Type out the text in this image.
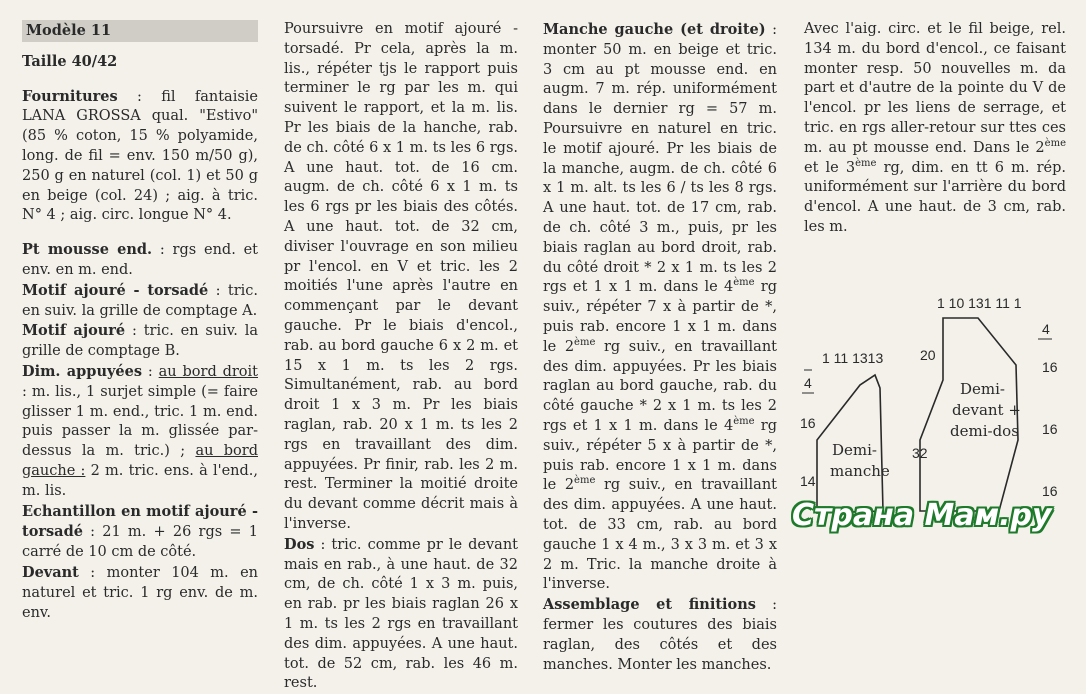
Modèle 11

Taille 40/42

Fournitures : fil fantaisie LANA GROSSA qual. "Estivo" (85 % coton, 15 % polyamide, long. de fil = env. 150 m/50 g), 250 g en naturel (col. 1) et 50 g en beige (col. 24) ; aig. à tric. N° 4 ; aig. circ. longue N° 4.

Pt mousse end. : rgs end. et env. en m. end.

Motif ajouré - torsadé : tric. en suiv. la grille de comptage A.

Motif ajouré : tric. en suiv. la grille de comptage B.

Dim. appuyées : au bord droit : m. lis., 1 surjet simple (= faire glisser 1 m. end., tric. 1 m. end. puis passer la m. glissée par-dessus la m. tric.) ; au bord gauche : 2 m. tric. ens. à l'end., m. lis.

Echantillon en motif ajouré - torsadé : 21 m. + 26 rgs = 1 carré de 10 cm de côté.

Devant : monter 104 m. en naturel et tric. 1 rg env. de m. env.

Poursuivre en motif ajouré - torsadé. Pr cela, après la m. lis., répéter tjs le rapport puis terminer le rg par les m. qui suivent le rapport, et la m. lis. Pr les biais de la hanche, rab. de ch. côté 6 x 1 m. ts les 6 rgs. A une haut. tot. de 16 cm. augm. de ch. côté 6 x 1 m. ts les 6 rgs pr les biais des côtés. A une haut. tot. de 32 cm, diviser l'ouvrage en son milieu pr l'encol. en V et tric. les 2 moitiés l'une après l'autre en commençant par le devant gauche. Pr le biais d'encol., rab. au bord gauche 6 x 2 m. et 15 x 1 m. ts les 2 rgs. Simultanément, rab. au bord droit 1 x 3 m. Pr les biais raglan, rab. 20 x 1 m. ts les 2 rgs en travaillant des dim. appuyées. Pr finir, rab. les 2 m. rest. Terminer la moitié droite du devant comme décrit mais à l'inverse.

Dos : tric. comme pr le devant mais en rab., à une haut. de 32 cm, de ch. côté 1 x 3 m. puis, en rab. pr les biais raglan 26 x 1 m. ts les 2 rgs en travaillant des dim. appuyées. A une haut. tot. de 52 cm, rab. les 46 m. rest.

Manche gauche (et droite) : monter 50 m. en beige et tric. 3 cm au pt mousse end. en augm. 7 m. rép. uniformément dans le dernier rg = 57 m. Poursuivre en naturel en tric. le motif ajouré. Pr les biais de la manche, augm. de ch. côté 6 x 1 m. alt. ts les 6 / ts les 8 rgs. A une haut. tot. de 17 cm, rab. de ch. côté 3 m., puis, pr les biais raglan au bord droit, rab. du côté droit * 2 x 1 m. ts les 2 rgs et 1 x 1 m. dans le 4ème rg suiv., répéter 7 x à partir de *, puis rab. encore 1 x 1 m. dans le 2ème rg suiv., en travaillant des dim. appuyées. Pr les biais raglan au bord gauche, rab. du côté gauche * 2 x 1 m. ts les 2 rgs et 1 x 1 m. dans le 4ème rg suiv., répéter 5 x à partir de *, puis rab. encore 1 x 1 m. dans le 2ème rg suiv., en travaillant des dim. appuyées. A une haut. tot. de 33 cm, rab. au bord gauche 1 x 4 m., 3 x 3 m. et 3 x 2 m. Tric. la manche droite à l'inverse.

Assemblage et finitions : fermer les coutures des biais raglan, des côtés et des manches. Monter les manches.

Avec l'aig. circ. et le fil beige, rel. 134 m. du bord d'encol., ce faisant monter resp. 50 nouvelles m. da part et d'autre de la pointe du V de l'encol. pr les liens de serrage, et tric. en rgs aller-retour sur ttes ces m. au pt mousse end. Dans le 2ème et le 3ème rg, dim. en tt 6 m. rép. uniformément sur l'arrière du bord d'encol. A une haut. de 3 cm, rab. les m.

1 11 1313
4
16
14
Demi-
manche
1 10 131 11 1
20
32
4
16
16
16
Demi-
devant +
demi-dos
Страна Мам.ру
